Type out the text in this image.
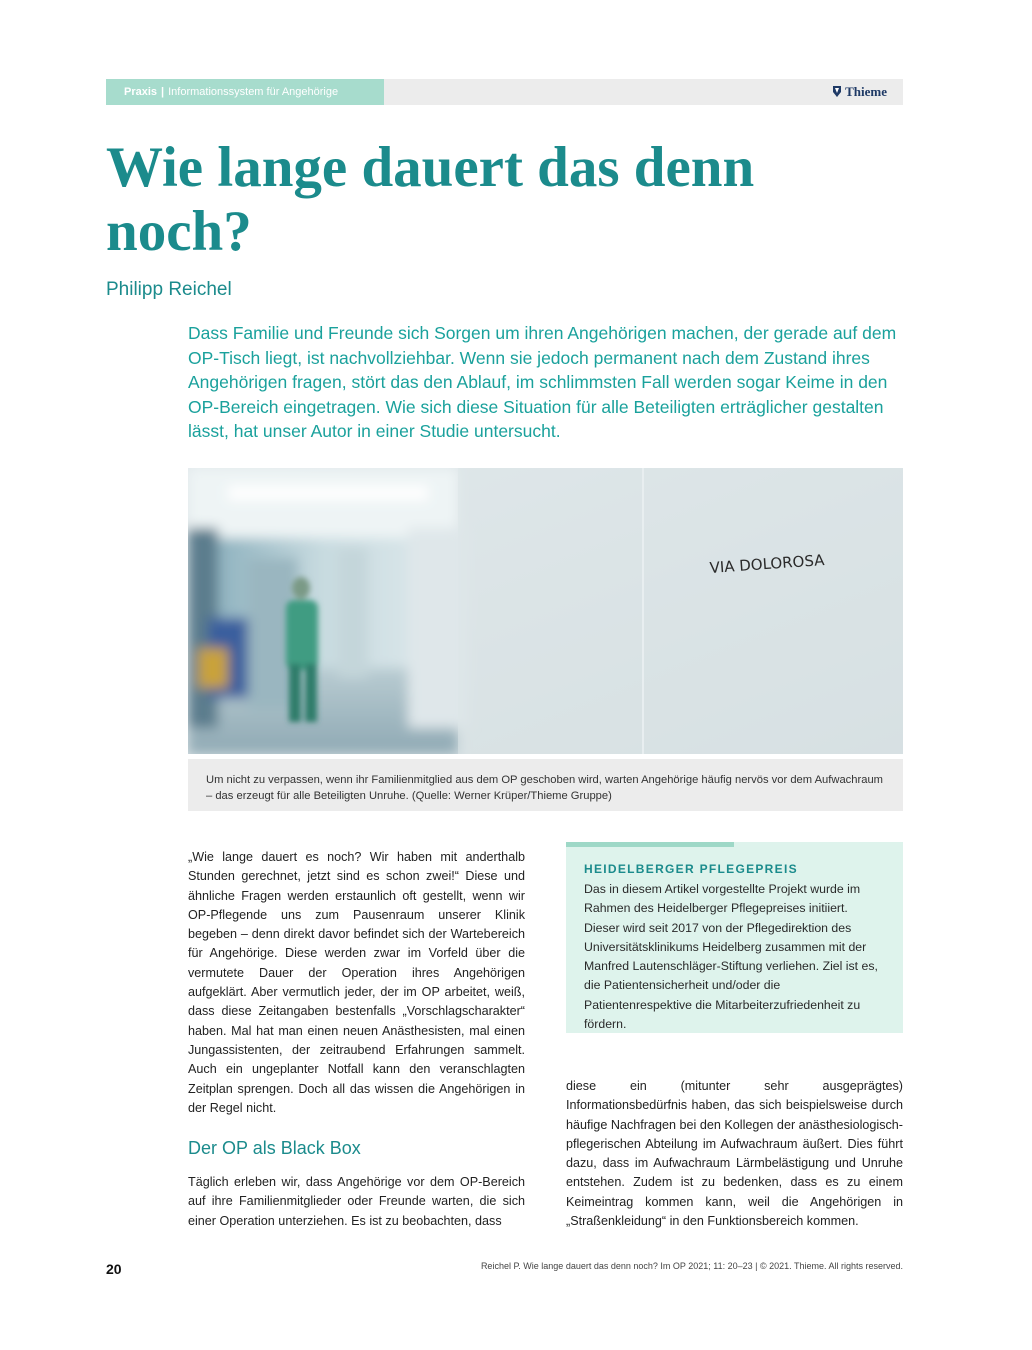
Praxis | Informationssystem für Angehörige	Thieme
Wie lange dauert das denn noch?

Philipp Reichel

Dass Familie und Freunde sich Sorgen um ihren Angehörigen machen, der gerade auf dem OP-Tisch liegt, ist nachvollziehbar. Wenn sie jedoch permanent nach dem Zustand ihres Angehörigen fragen, stört das den Ablauf, im schlimmsten Fall werden sogar Keime in den OP-Bereich eingetragen. Wie sich diese Situation für alle Beteiligten erträglicher gestalten lässt, hat unser Autor in einer Studie untersucht.

VIA DOLOROSA

Um nicht zu verpassen, wenn ihr Familienmitglied aus dem OP geschoben wird, warten Angehörige häufig nervös vor dem Aufwachraum – das erzeugt für alle Beteiligten Unruhe. (Quelle: Werner Krüper/Thieme Gruppe)

„Wie lange dauert es noch? Wir haben mit anderthalb Stunden gerechnet, jetzt sind es schon zwei!“ Diese und ähnliche Fragen werden erstaunlich oft gestellt, wenn wir OP-Pflegende uns zum Pausenraum unserer Klinik begeben – denn direkt davor befindet sich der Wartebereich für Angehörige. Diese werden zwar im Vorfeld über die vermutete Dauer der Operation ihres Angehörigen aufgeklärt. Aber vermutlich jeder, der im OP arbeitet, weiß, dass diese Zeitangaben bestenfalls „Vorschlagscharakter“ haben. Mal hat man einen neuen Anästhesisten, mal einen Jungassistenten, der zeitraubend Erfahrungen sammelt. Auch ein ungeplanter Notfall kann den veranschlagten Zeitplan sprengen. Doch all das wissen die Angehörigen in der Regel nicht.

Der OP als Black Box

Täglich erleben wir, dass Angehörige vor dem OP-Bereich auf ihre Familienmitglieder oder Freunde warten, die sich einer Operation unterziehen. Es ist zu beobachten, dass

HEIDELBERGER PFLEGEPREIS

Das in diesem Artikel vorgestellte Projekt wurde im Rahmen des Heidelberger Pflegepreises initiiert. Dieser wird seit 2017 von der Pflegedirektion des Universitätsklinikums Heidelberg zusammen mit der Manfred Lautenschläger-Stiftung verliehen. Ziel ist es, die Patientensicherheit und/oder die Patientenrespektive die Mitarbeiterzufriedenheit zu fördern.

diese ein (mitunter sehr ausgeprägtes) Informationsbedürfnis haben, das sich beispielsweise durch häufige Nachfragen bei den Kollegen der anästhesiologisch-pflegerischen Abteilung im Aufwachraum äußert. Dies führt dazu, dass im Aufwachraum Lärmbelästigung und Unruhe entstehen. Zudem ist zu bedenken, dass es zu einem Keimeintrag kommen kann, weil die Angehörigen in „Straßenkleidung“ in den Funktionsbereich kommen.

20	Reichel P. Wie lange dauert das denn noch? Im OP 2021; 11: 20–23 | © 2021. Thieme. All rights reserved.
